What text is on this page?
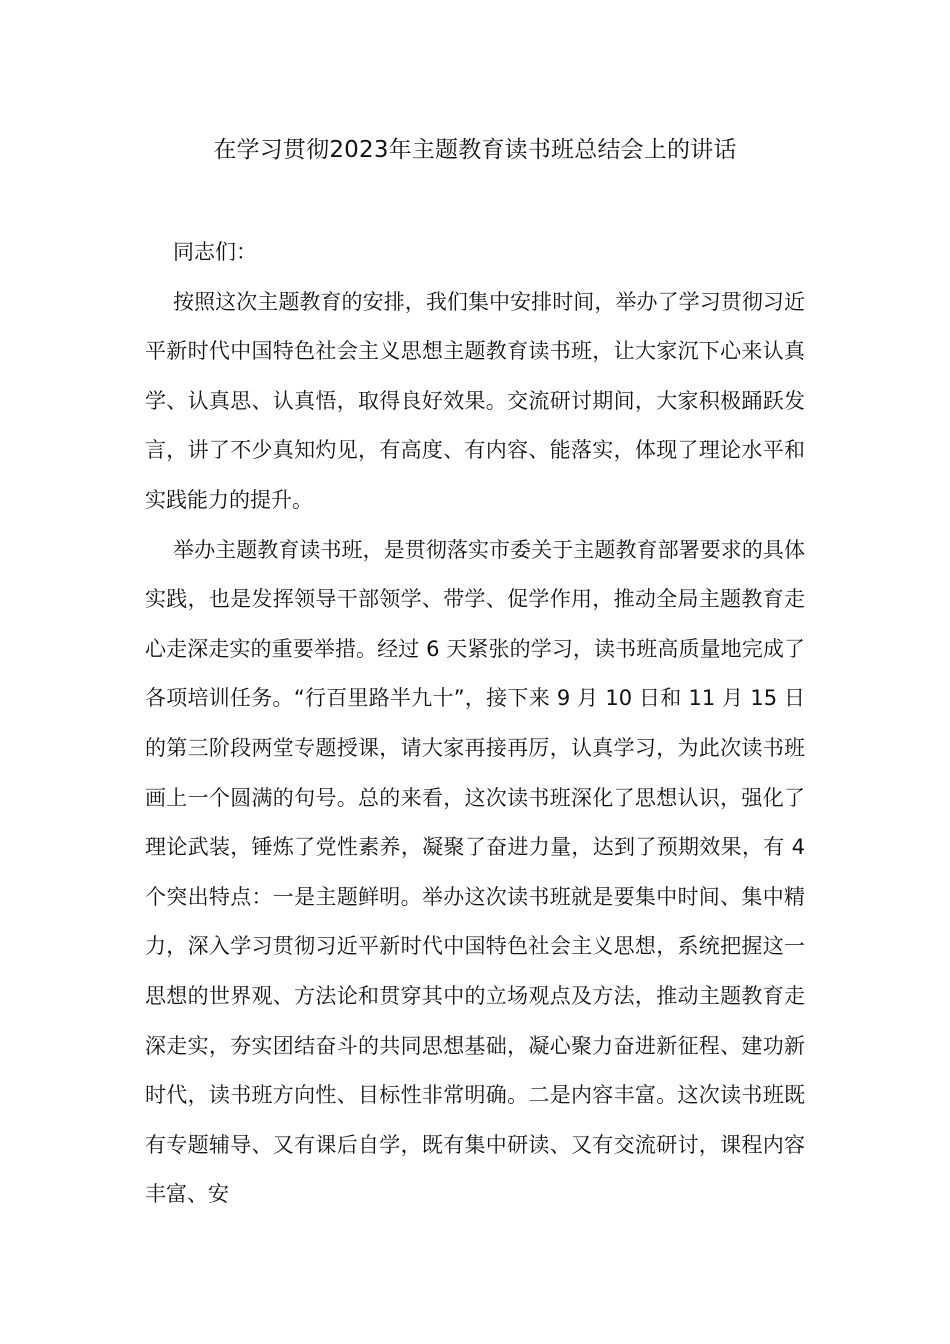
在学习贯彻2023年主题教育读书班总结会上的讲话

同志们：

按照这次主题教育的安排，我们集中安排时间，举办了学习贯彻习近平新时代中国特色社会主义思想主题教育读书班，让大家沉下心来认真学、认真思、认真悟，取得良好效果。交流研讨期间，大家积极踊跃发言，讲了不少真知灼见，有高度、有内容、能落实，体现了理论水平和实践能力的提升。

举办主题教育读书班，是贯彻落实市委关于主题教育部署要求的具体实践，也是发挥领导干部领学、带学、促学作用，推动全局主题教育走心走深走实的重要举措。经过 6 天紧张的学习，读书班高质量地完成了各项培训任务。“行百里路半九十”，接下来 9 月 10 日和 11 月 15 日的第三阶段两堂专题授课，请大家再接再厉，认真学习，为此次读书班画上一个圆满的句号。总的来看，这次读书班深化了思想认识，强化了理论武装，锤炼了党性素养，凝聚了奋进力量，达到了预期效果，有 4 个突出特点：一是主题鲜明。举办这次读书班就是要集中时间、集中精力，深入学习贯彻习近平新时代中国特色社会主义思想，系统把握这一思想的世界观、方法论和贯穿其中的立场观点及方法，推动主题教育走深走实，夯实团结奋斗的共同思想基础，凝心聚力奋进新征程、建功新时代，读书班方向性、目标性非常明确。二是内容丰富。这次读书班既有专题辅导、又有课后自学，既有集中研读、又有交流研讨，课程内容丰富、安
